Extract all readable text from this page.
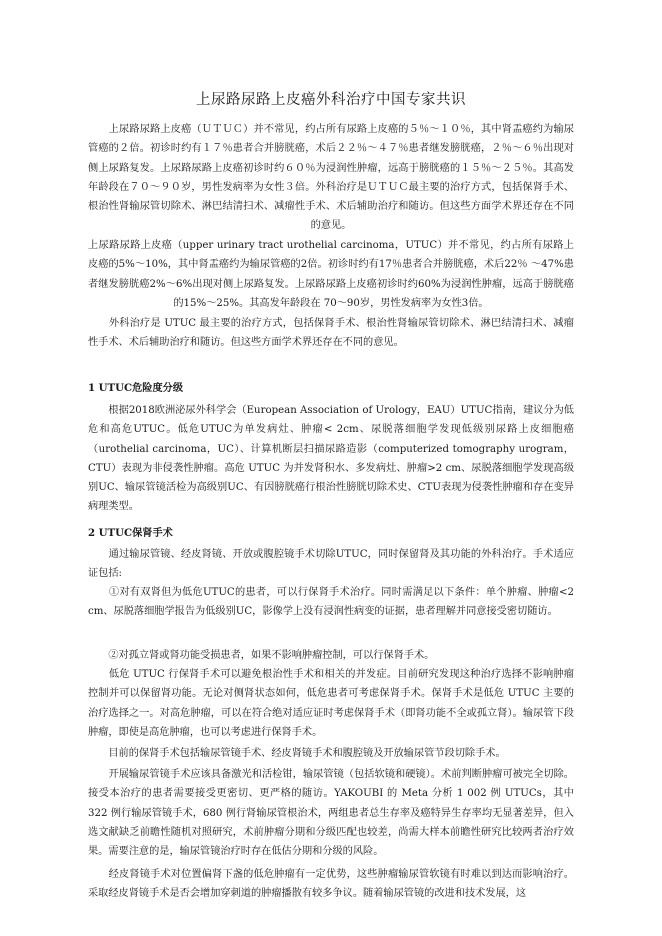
上尿路尿路上皮癌外科治疗中国专家共识

　　上尿路尿路上皮癌（ＵＴＵＣ）并不常见，约占所有尿路上皮癌的５％～１０％，其中肾盂癌约为输尿管癌的２倍。初诊时约有１７％患者合并膀胱癌，术后２２％～４７％患者继发膀胱癌，２％～６％出现对侧上尿路复发。上尿路尿路上皮癌初诊时约６０％为浸润性肿瘤，远高于膀胱癌的１５％～２５％。其高发年龄段在７０～９０岁，男性发病率为女性３倍。外科治疗是ＵＴＵＣ最主要的治疗方式，包括保肾手术、根治性肾输尿管切除术、淋巴结清扫术、减瘤性手术、术后辅助治疗和随访。但这些方面学术界还存在不同的意见。

上尿路尿路上皮癌（upper urinary tract urothelial carcinoma，UTUC）并不常见，约占所有尿路上皮癌的5%～10%，其中肾盂癌约为输尿管癌的2倍。初诊时约有17％患者合并膀胱癌，术后22％ ～47%患者继发膀胱癌2%～6%出现对侧上尿路复发。上尿路尿路上皮癌初诊时约60%为浸润性肿瘤，远高于膀胱癌的15%～25%。其高发年龄段在 70～90岁，男性发病率为女性3倍。

　　外科治疗是 UTUC 最主要的治疗方式，包括保肾手术、根治性肾输尿管切除术、淋巴结清扫术、减瘤性手术、术后辅助治疗和随访。但这些方面学术界还存在不同的意见。

1 UTUC危险度分级

　　根据2018欧洲泌尿外科学会（European Association of Urology，EAU）UTUC指南，建议分为低危和高危UTUC。低危UTUC为单发病灶、肿瘤< 2cm、尿脱落细胞学发现低级别尿路上皮细胞癌（urothelial carcinoma，UC）、计算机断层扫描尿路造影（computerized tomography urogram， CTU）表现为非侵袭性肿瘤。高危 UTUC 为并发肾积水、多发病灶、肿瘤>2 cm、尿脱落细胞学发现高级别UC、输尿管镜活检为高级别UC、有因膀胱癌行根治性膀胱切除术史、CTU表现为侵袭性肿瘤和存在变异病理类型。

2 UTUC保肾手术

　　通过输尿管镜、经皮肾镜、开放或腹腔镜手术切除UTUC，同时保留肾及其功能的外科治疗。手术适应证包括:

　　①对有双肾但为低危UTUC的患者，可以行保肾手术治疗。同时需满足以下条件：单个肿瘤、肿瘤<2 cm、尿脱落细胞学报告为低级别UC，影像学上没有浸润性病变的证据，患者理解并同意接受密切随访。

　　②对孤立肾或肾功能受损患者，如果不影响肿瘤控制，可以行保肾手术。

　　低危 UTUC 行保肾手术可以避免根治性手术和相关的并发症。目前研究发现这种治疗选择不影响肿瘤控制并可以保留肾功能。无论对侧肾状态如何，低危患者可考虑保肾手术。保肾手术是低危 UTUC 主要的治疗选择之一。对高危肿瘤，可以在符合绝对适应证时考虑保肾手术（即肾功能不全或孤立肾）。输尿管下段肿瘤，即使是高危肿瘤，也可以考虑进行保肾手术。

　　目前的保肾手术包括输尿管镜手术、经皮肾镜手术和腹腔镜及开放输尿管节段切除手术。

　　开展输尿管镜手术应该具备激光和活检钳，输尿管镜（包括软镜和硬镜）。术前判断肿瘤可被完全切除。接受本治疗的患者需要接受更密切、更严格的随访。YAKOUBI 的 Meta 分析 1 002 例 UTUCs，其中322 例行输尿管镜手术，680 例行肾输尿管根治术，两组患者总生存率及癌特异生存率均无显著差异，但入选文献缺乏前瞻性随机对照研究，术前肿瘤分期和分级匹配也较差，尚需大样本前瞻性研究比较两者治疗效果。需要注意的是，输尿管镜治疗时存在低估分期和分级的风险。

　　经皮肾镜手术对位置偏肾下盏的低危肿瘤有一定优势，这些肿瘤输尿管软镜有时难以到达而影响治疗。采取经皮肾镜手术是否会增加穿刺道的肿瘤播散有较多争议。随着输尿管镜的改进和技术发展，这
